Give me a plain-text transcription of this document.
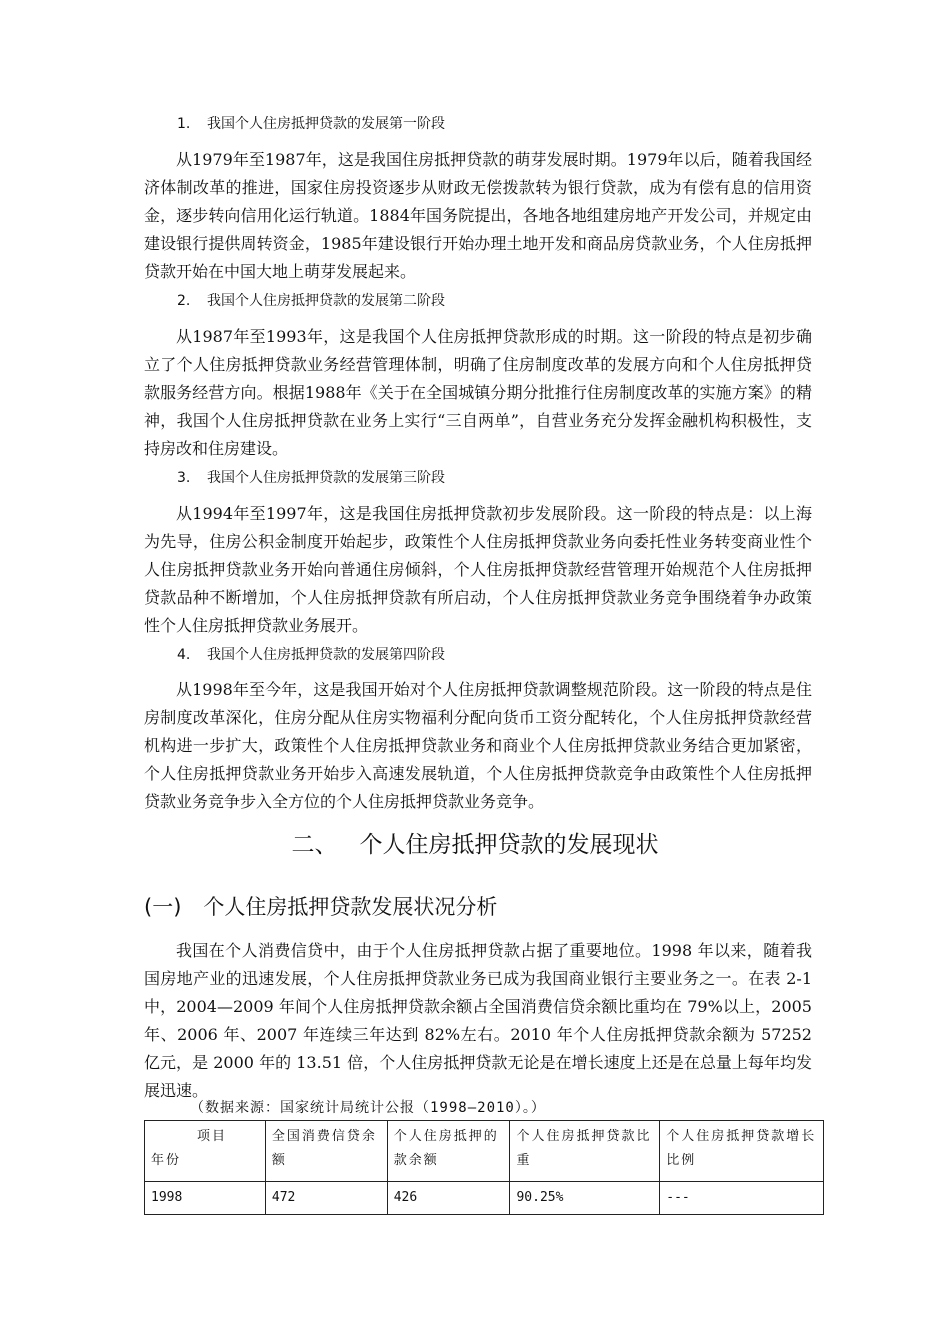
1. 我国个人住房抵押贷款的发展第一阶段

从1979年至1987年，这是我国住房抵押贷款的萌芽发展时期。1979年以后，随着我国经济体制改革的推进，国家住房投资逐步从财政无偿拨款转为银行贷款，成为有偿有息的信用资金，逐步转向信用化运行轨道。1884年国务院提出，各地各地组建房地产开发公司，并规定由建设银行提供周转资金，1985年建设银行开始办理土地开发和商品房贷款业务，个人住房抵押贷款开始在中国大地上萌芽发展起来。

2. 我国个人住房抵押贷款的发展第二阶段

从1987年至1993年，这是我国个人住房抵押贷款形成的时期。这一阶段的特点是初步确立了个人住房抵押贷款业务经营管理体制，明确了住房制度改革的发展方向和个人住房抵押贷款服务经营方向。根据1988年《关于在全国城镇分期分批推行住房制度改革的实施方案》的精神，我国个人住房抵押贷款在业务上实行“三自两单”，自营业务充分发挥金融机构积极性，支持房改和住房建设。

3. 我国个人住房抵押贷款的发展第三阶段

从1994年至1997年，这是我国住房抵押贷款初步发展阶段。这一阶段的特点是：以上海为先导，住房公积金制度开始起步，政策性个人住房抵押贷款业务向委托性业务转变商业性个人住房抵押贷款业务开始向普通住房倾斜，个人住房抵押贷款经营管理开始规范个人住房抵押贷款品种不断增加，个人住房抵押贷款有所启动，个人住房抵押贷款业务竞争围绕着争办政策性个人住房抵押贷款业务展开。

4. 我国个人住房抵押贷款的发展第四阶段

从1998年至今年，这是我国开始对个人住房抵押贷款调整规范阶段。这一阶段的特点是住房制度改革深化，住房分配从住房实物福利分配向货币工资分配转化，个人住房抵押贷款经营机构进一步扩大，政策性个人住房抵押贷款业务和商业个人住房抵押贷款业务结合更加紧密，个人住房抵押贷款业务开始步入高速发展轨道，个人住房抵押贷款竞争由政策性个人住房抵押贷款业务竞争步入全方位的个人住房抵押贷款业务竞争。

二、 个人住房抵押贷款的发展现状
(一) 个人住房抵押贷款发展状况分析

我国在个人消费信贷中，由于个人住房抵押贷款占据了重要地位。1998 年以来，随着我国房地产业的迅速发展，个人住房抵押贷款业务已成为我国商业银行主要业务之一。在表 2-1 中，2004—2009 年间个人住房抵押贷款余额占全国消费信贷余额比重均在 79%以上，2005 年、2006 年、2007 年连续三年达到 82%左右。2010 年个人住房抵押贷款余额为 57252 亿元，是 2000 年的 13.51 倍，个人住房抵押贷款无论是在增长速度上还是在总量上每年均发展迅速。

（数据来源：国家统计局统计公报（1998—2010）。）
项目
年份	全国消费信贷余额	个人住房抵押的款余额	个人住房抵押贷款比重	个人住房抵押贷款增长比例
1998	472	426	90.25%	---
